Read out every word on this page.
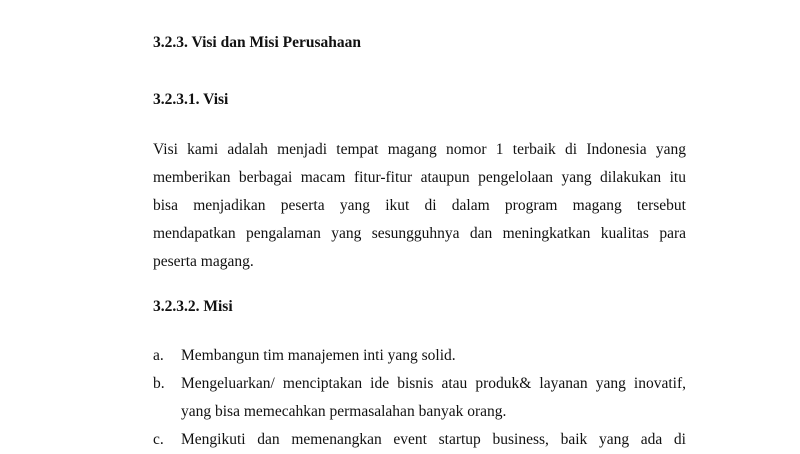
3.2.3. Visi dan Misi Perusahaan
3.2.3.1. Visi
Visi kami adalah menjadi tempat magang nomor 1 terbaik di Indonesia yang
memberikan berbagai macam fitur-fitur ataupun pengelolaan yang dilakukan itu
bisa menjadikan peserta yang ikut di dalam program magang tersebut
mendapatkan pengalaman yang sesungguhnya dan meningkatkan kualitas para
peserta magang.
3.2.3.2. Misi
a. Membangun tim manajemen inti yang solid.
b. Mengeluarkan/ menciptakan ide bisnis atau produk& layanan yang inovatif,
yang bisa memecahkan permasalahan banyak orang.
c. Mengikuti dan memenangkan event startup business, baik yang ada di
